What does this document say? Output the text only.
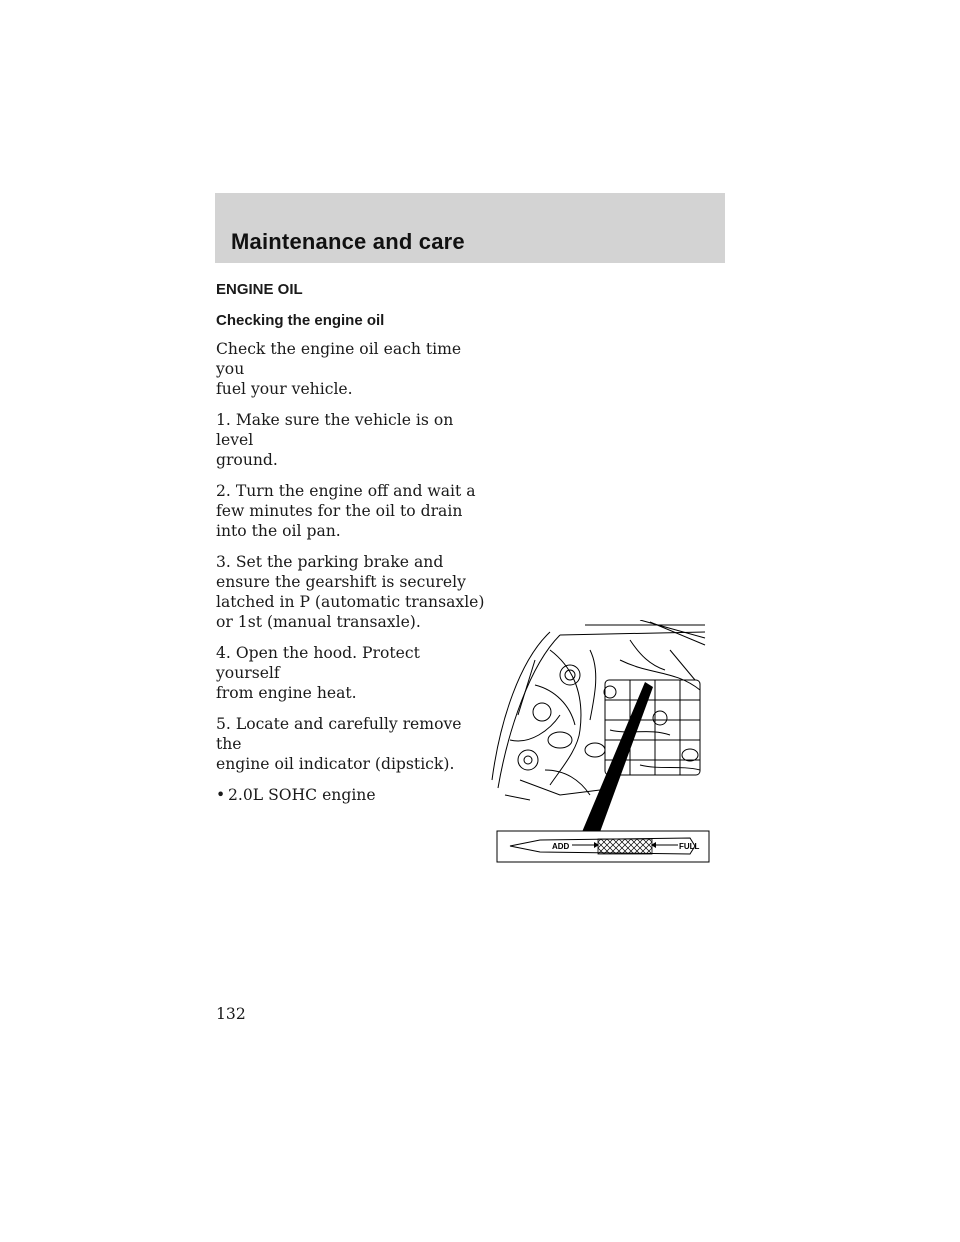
Maintenance and care
ENGINE OIL
Checking the engine oil

Check the engine oil each time you
fuel your vehicle.

1. Make sure the vehicle is on level
ground.

2. Turn the engine off and wait a
few minutes for the oil to drain
into the oil pan.

3. Set the parking brake and
ensure the gearshift is securely
latched in P (automatic transaxle)
or 1st (manual transaxle).

4. Open the hood. Protect yourself
from engine heat.

5. Locate and carefully remove the
engine oil indicator (dipstick).

• 2.0L SOHC engine

ADD	FULL

132
